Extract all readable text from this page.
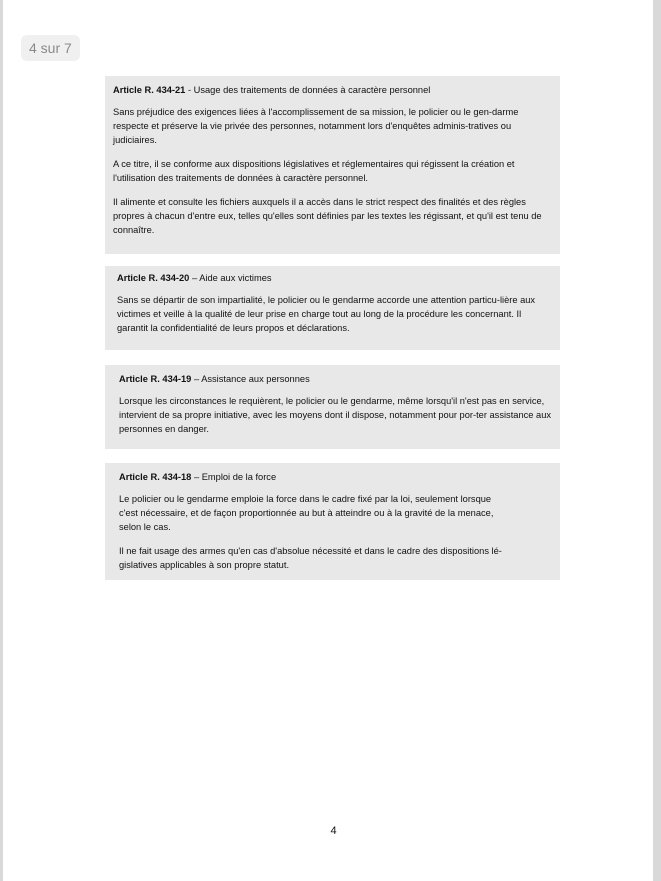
4 sur 7
Article R. 434-21 - Usage des traitements de données à caractère personnel

Sans préjudice des exigences liées à l'accomplissement de sa mission, le policier ou le gen-darme respecte et préserve la vie privée des personnes, notamment lors d'enquêtes adminis-tratives ou judiciaires.

A ce titre, il se conforme aux dispositions législatives et réglementaires qui régissent la création et l'utilisation des traitements de données à caractère personnel.

Il alimente et consulte les fichiers auxquels il a accès dans le strict respect des finalités et des règles propres à chacun d'entre eux, telles qu'elles sont définies par les textes les régissant, et qu'il est tenu de connaître.

Article R. 434-20 – Aide aux victimes

Sans se départir de son impartialité, le policier ou le gendarme accorde une attention particu-lière aux victimes et veille à la qualité de leur prise en charge tout au long de la procédure les concernant. Il garantit la confidentialité de leurs propos et déclarations.

Article R. 434-19 – Assistance aux personnes

Lorsque les circonstances le requièrent, le policier ou le gendarme, même lorsqu'il n'est pas en service, intervient de sa propre initiative, avec les moyens dont il dispose, notamment pour por-ter assistance aux personnes en danger.

Article R. 434-18 – Emploi de la force

Le policier ou le gendarme emploie la force dans le cadre fixé par la loi, seulement lorsque c'est nécessaire, et de façon proportionnée au but à atteindre ou à la gravité de la menace, selon le cas.

Il ne fait usage des armes qu'en cas d'absolue nécessité et dans le cadre des dispositions lé-gislatives applicables à son propre statut.

4
